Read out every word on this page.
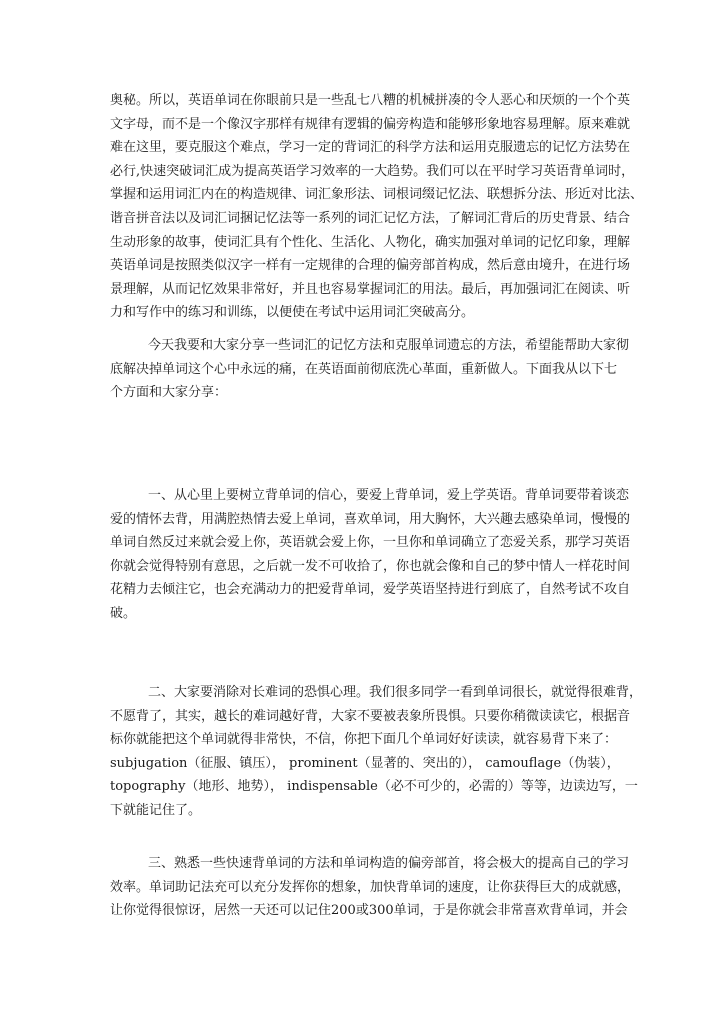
奥秘。所以，英语单词在你眼前只是一些乱七八糟的机械拼凑的令人恶心和厌烦的一个个英
文字母，而不是一个像汉字那样有规律有逻辑的偏旁构造和能够形象地容易理解。原来难就
难在这里，要克服这个难点，学习一定的背词汇的科学方法和运用克服遗忘的记忆方法势在
必行,快速突破词汇成为提高英语学习效率的一大趋势。我们可以在平时学习英语背单词时，
掌握和运用词汇内在的构造规律、词汇象形法、词根词缀记忆法、联想拆分法、形近对比法、
谐音拼音法以及词汇词捆记忆法等一系列的词汇记忆方法，了解词汇背后的历史背景、结合
生动形象的故事，使词汇具有个性化、生活化、人物化，确实加强对单词的记忆印象，理解
英语单词是按照类似汉字一样有一定规律的合理的偏旁部首构成，然后意由境升，在进行场
景理解，从而记忆效果非常好，并且也容易掌握词汇的用法。最后，再加强词汇在阅读、听
力和写作中的练习和训练，以便使在考试中运用词汇突破高分。
今天我要和大家分享一些词汇的记忆方法和克服单词遗忘的方法，希望能帮助大家彻
底解决掉单词这个心中永远的痛，在英语面前彻底洗心革面，重新做人。下面我从以下七
个方面和大家分享：
一、从心里上要树立背单词的信心，要爱上背单词，爱上学英语。背单词要带着谈恋
爱的情怀去背，用满腔热情去爱上单词，喜欢单词，用大胸怀，大兴趣去感染单词，慢慢的
单词自然反过来就会爱上你，英语就会爱上你，一旦你和单词确立了恋爱关系，那学习英语
你就会觉得特别有意思，之后就一发不可收拾了，你也就会像和自己的梦中情人一样花时间
花精力去倾注它，也会充满动力的把爱背单词，爱学英语坚持进行到底了，自然考试不攻自
破。
二、大家要消除对长难词的恐惧心理。我们很多同学一看到单词很长，就觉得很难背，
不愿背了，其实，越长的难词越好背，大家不要被表象所畏惧。只要你稍微读读它，根据音
标你就能把这个单词就得非常快，不信，你把下面几个单词好好读读，就容易背下来了：
subjugation（征服、镇压）， prominent（显著的、突出的）， camouflage（伪装），
topography（地形、地势）， indispensable（必不可少的，必需的）等等，边读边写，一
下就能记住了。
三、熟悉一些快速背单词的方法和单词构造的偏旁部首，将会极大的提高自己的学习
效率。单词助记法充可以充分发挥你的想象，加快背单词的速度，让你获得巨大的成就感，
让你觉得很惊讶，居然一天还可以记住200或300单词，于是你就会非常喜欢背单词，并会
